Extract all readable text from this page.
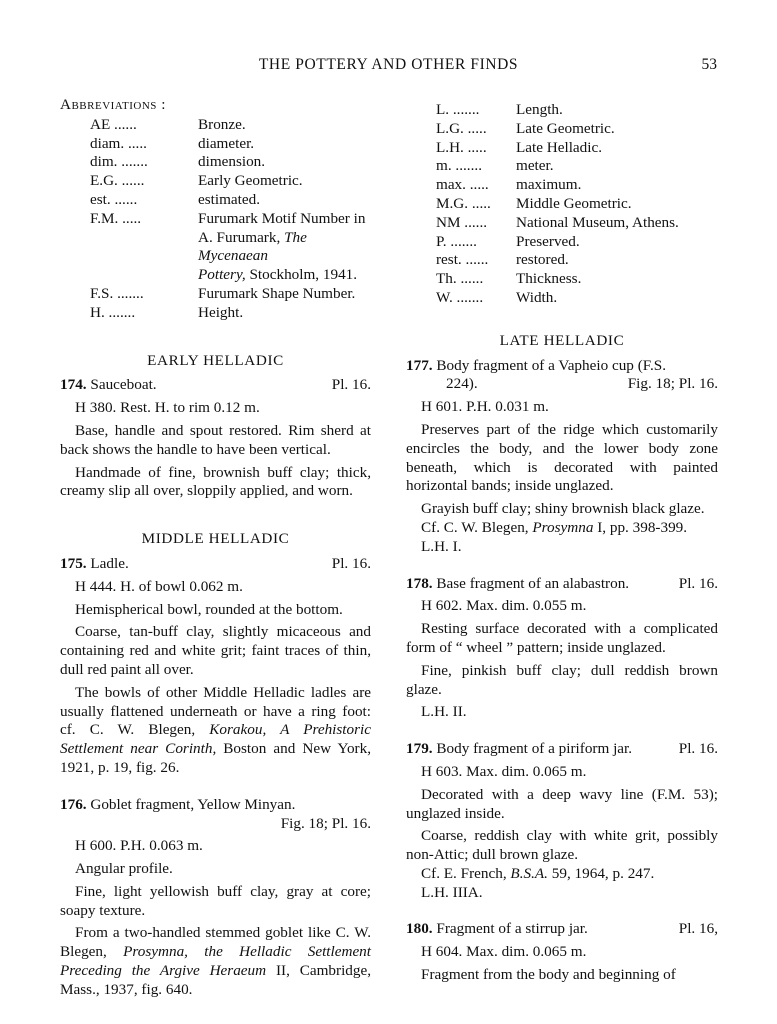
THE POTTERY AND OTHER FINDS	53
Abbreviations :
AE ......	Bronze.
diam. .....	diameter.
dim. .......	dimension.
E.G. ......	Early Geometric.
est. ......	estimated.
F.M. .....	Furumark Motif Number in
A. Furumark, The Mycenaean
Pottery, Stockholm, 1941.
F.S. .......	Furumark Shape Number.
H. .......	Height.
EARLY HELLADIC
174. Sauceboat.	Pl. 16.
H 380. Rest. H. to rim 0.12 m.
Base, handle and spout restored. Rim sherd at back shows the handle to have been vertical.
Handmade of fine, brownish buff clay; thick, creamy slip all over, sloppily applied, and worn.
MIDDLE HELLADIC
175. Ladle.	Pl. 16.
H 444. H. of bowl 0.062 m.
Hemispherical bowl, rounded at the bottom.
Coarse, tan-buff clay, slightly micaceous and containing red and white grit; faint traces of thin, dull red paint all over.
The bowls of other Middle Helladic ladles are usually flattened underneath or have a ring foot: cf. C. W. Blegen, Korakou, A Prehistoric Settlement near Corinth, Boston and New York, 1921, p. 19, fig. 26.
176. Goblet fragment, Yellow Minyan.
Fig. 18; Pl. 16.
H 600. P.H. 0.063 m.
Angular profile.
Fine, light yellowish buff clay, gray at core; soapy texture.
From a two-handled stemmed goblet like C. W. Blegen, Prosymna, the Helladic Settlement Preceding the Argive Heraeum II, Cambridge, Mass., 1937, fig. 640.
L. .......	Length.
L.G. .....	Late Geometric.
L.H. .....	Late Helladic.
m. .......	meter.
max. .....	maximum.
M.G. .....	Middle Geometric.
NM ......	National Museum, Athens.
P. .......	Preserved.
rest. ......	restored.
Th. ......	Thickness.
W. .......	Width.
LATE HELLADIC
177. Body fragment of a Vapheio cup (F.S.
224).	Fig. 18; Pl. 16.
H 601. P.H. 0.031 m.
Preserves part of the ridge which customarily encircles the body, and the lower body zone beneath, which is decorated with painted horizontal bands; inside unglazed.
Grayish buff clay; shiny brownish black glaze.
Cf. C. W. Blegen, Prosymna I, pp. 398-399.
L.H. I.
178. Base fragment of an alabastron.	Pl. 16.
H 602. Max. dim. 0.055 m.
Resting surface decorated with a complicated form of “ wheel ” pattern; inside unglazed.
Fine, pinkish buff clay; dull reddish brown glaze.
L.H. II.
179. Body fragment of a piriform jar.	Pl. 16.
H 603. Max. dim. 0.065 m.
Decorated with a deep wavy line (F.M. 53); unglazed inside.
Coarse, reddish clay with white grit, possibly non-Attic; dull brown glaze.
Cf. E. French, B.S.A. 59, 1964, p. 247.
L.H. IIIA.
180. Fragment of a stirrup jar.	Pl. 16,
H 604. Max. dim. 0.065 m.
Fragment from the body and beginning of
